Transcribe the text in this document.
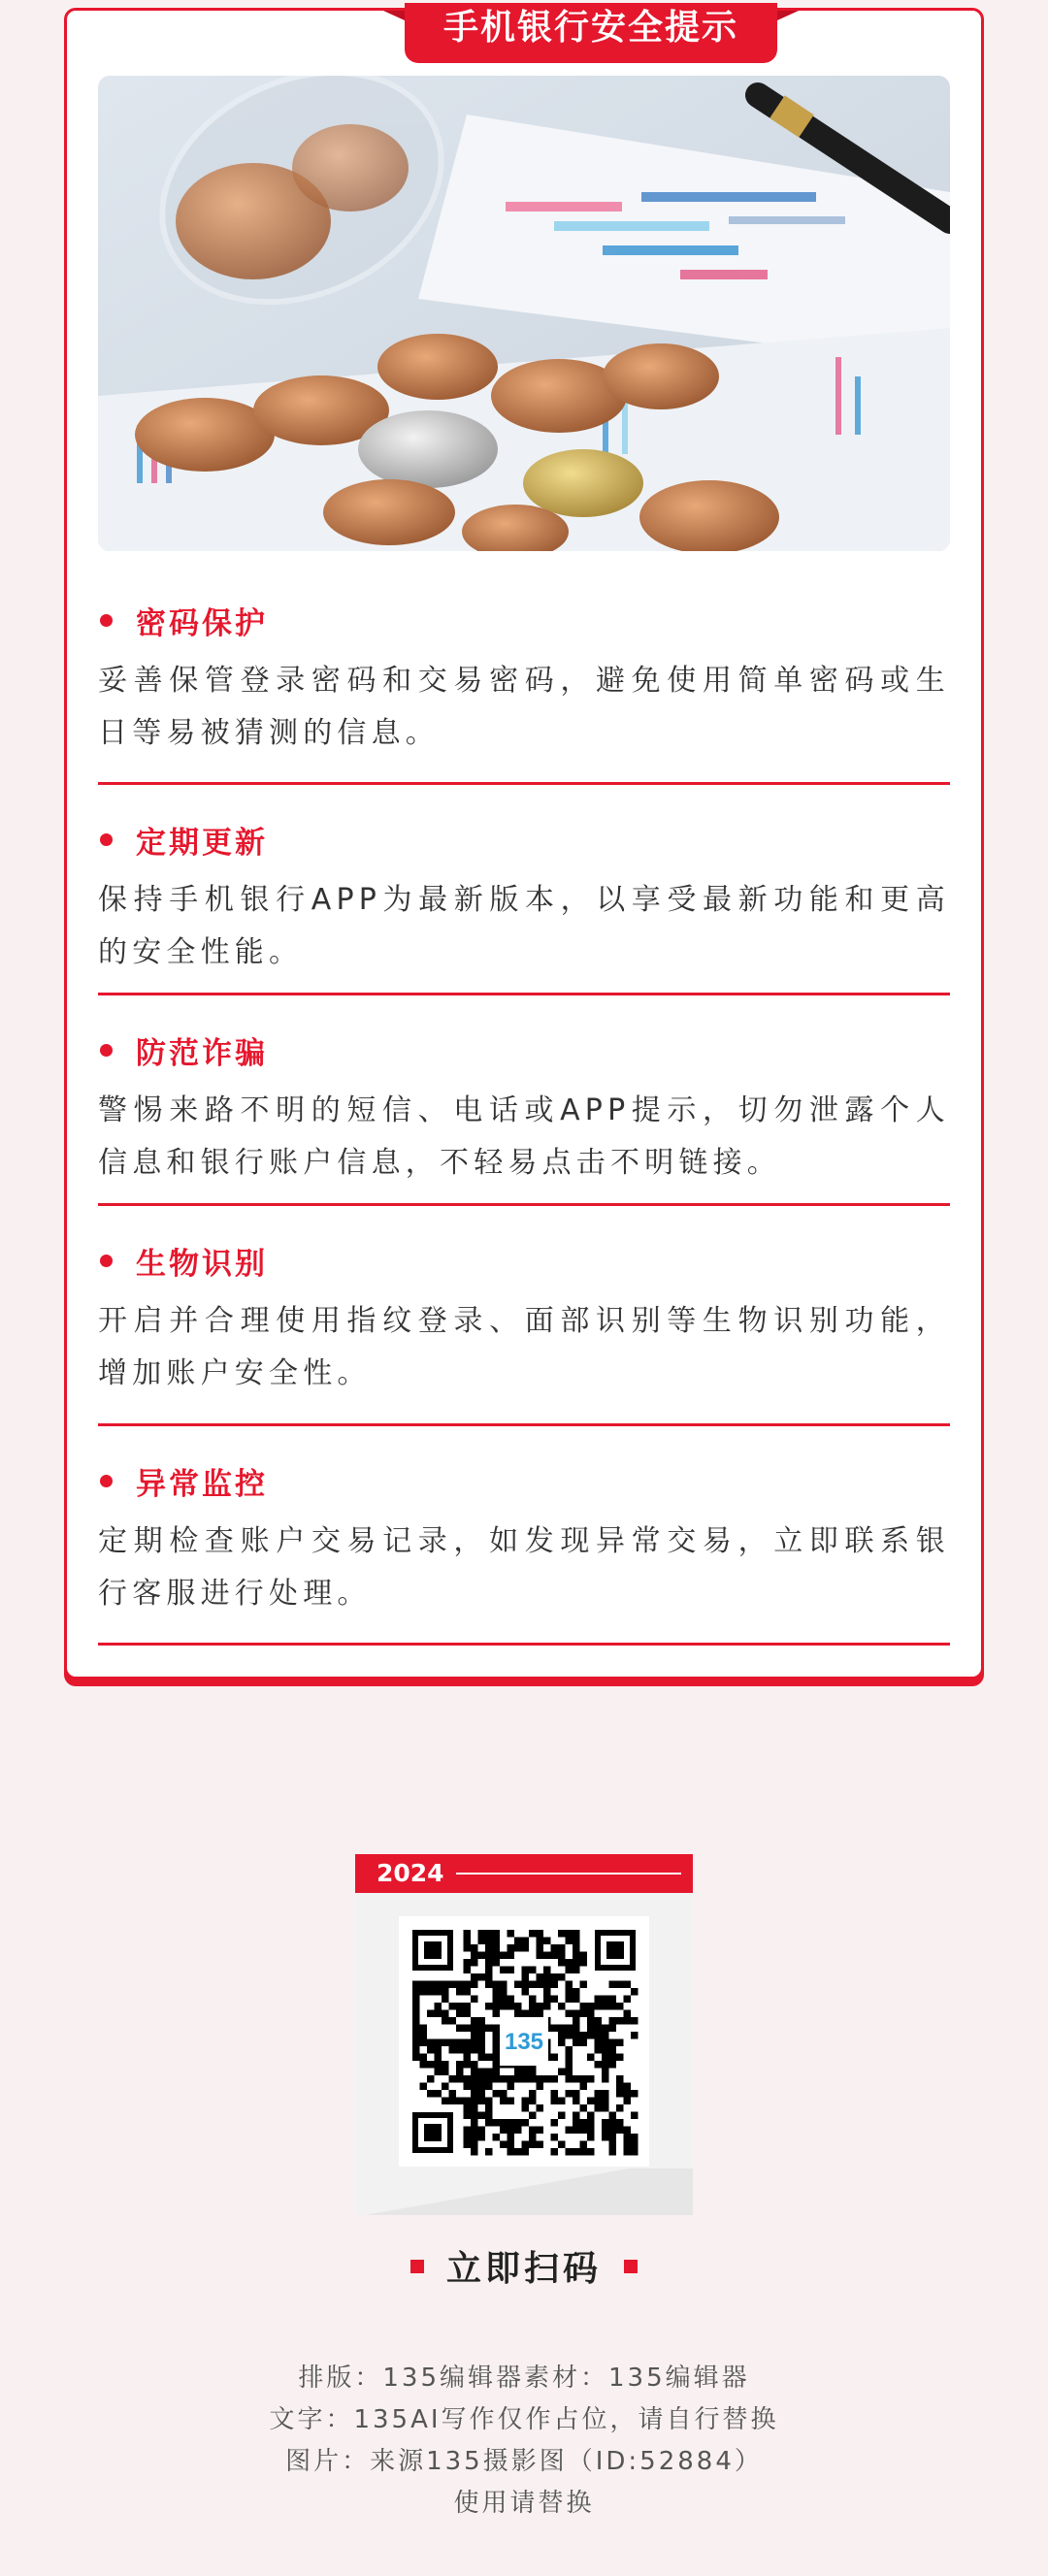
手机银行安全提示
密码保护
妥善保管登录密码和交易密码，避免使用简单密码或生日等易被猜测的信息。
定期更新
保持手机银行APP为最新版本，以享受最新功能和更高的安全性能。
防范诈骗
警惕来路不明的短信、电话或APP提示，切勿泄露个人信息和银行账户信息，不轻易点击不明链接。
生物识别
开启并合理使用指纹登录、面部识别等生物识别功能，增加账户安全性。
异常监控
定期检查账户交易记录，如发现异常交易，立即联系银行客服进行处理。
2024
135
立即扫码
排版：135编辑器素材：135编辑器
文字：135AI写作仅作占位，请自行替换
图片：来源135摄影图（ID:52884）
使用请替换
